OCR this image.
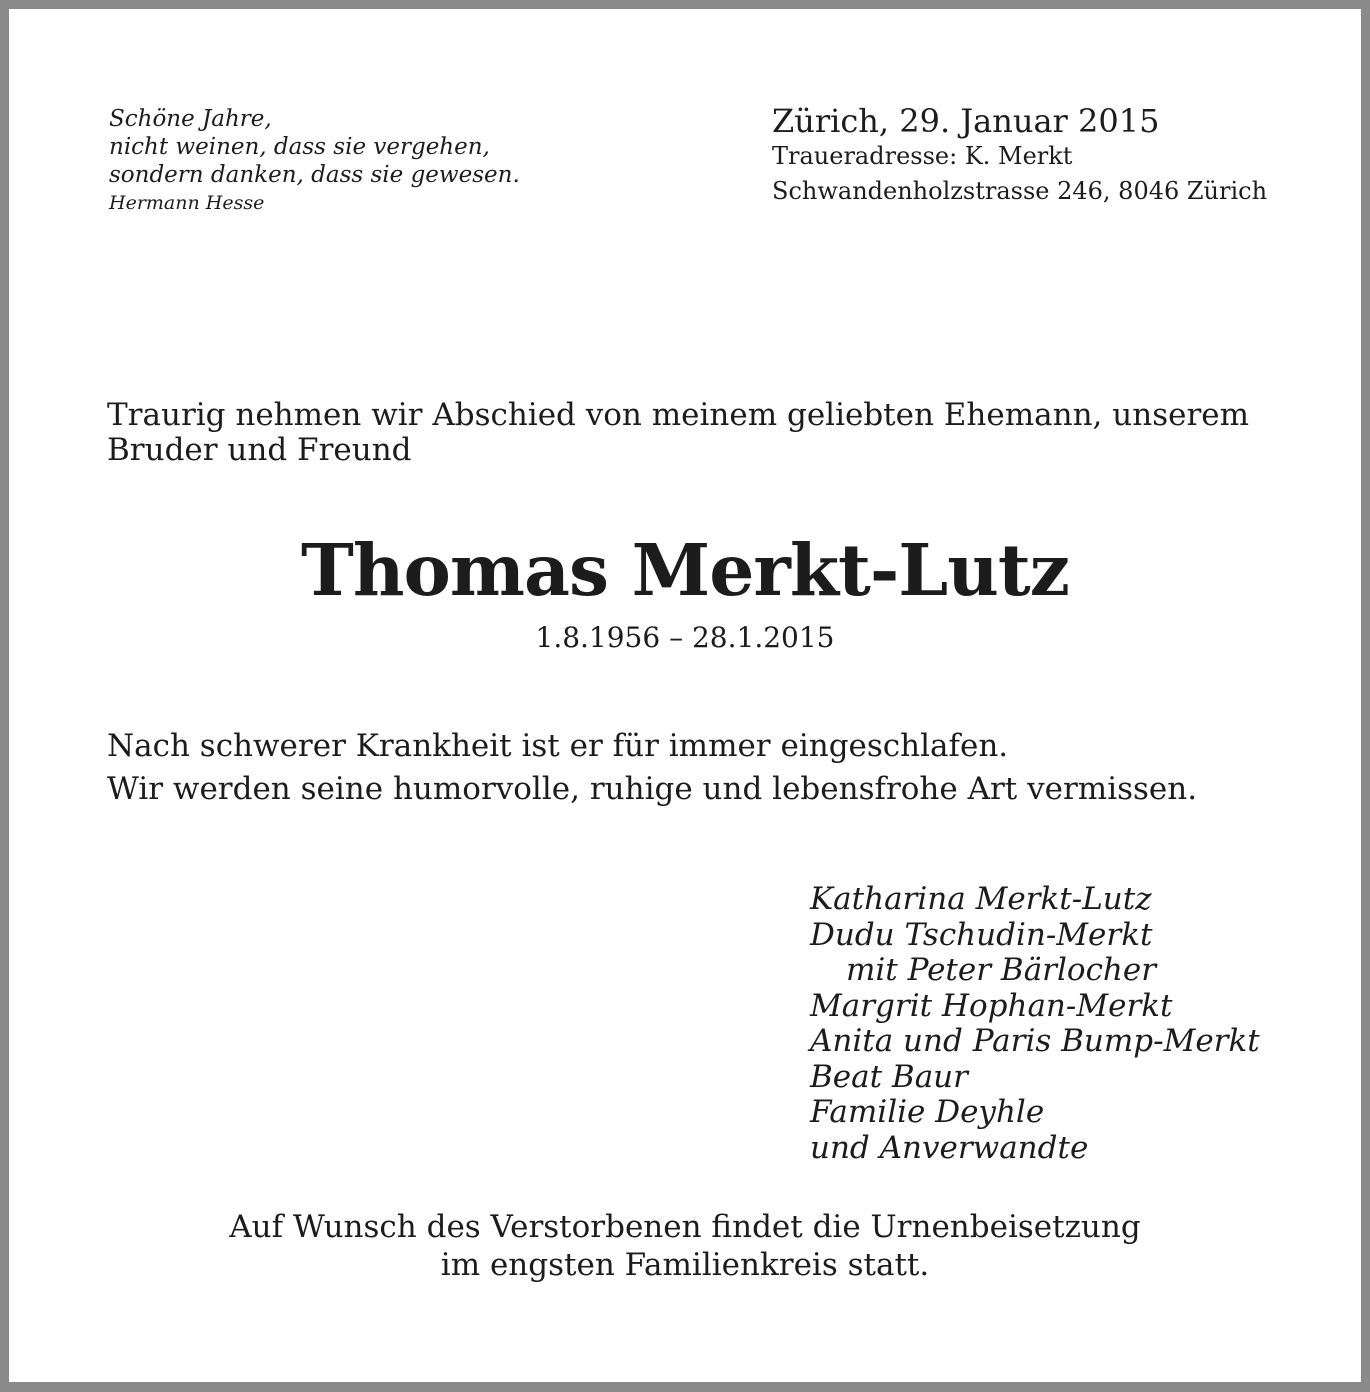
Schöne Jahre,
nicht weinen, dass sie vergehen,
sondern danken, dass sie gewesen.
Hermann Hesse
Zürich, 29. Januar 2015
Traueradresse: K. Merkt
Schwandenholzstrasse 246, 8046 Zürich
Traurig nehmen wir Abschied von meinem geliebten Ehemann, unserem
Bruder und Freund
Thomas Merkt-Lutz
1.8.1956 – 28.1.2015
Nach schwerer Krankheit ist er für immer eingeschlafen.
Wir werden seine humorvolle, ruhige und lebensfrohe Art vermissen.
Katharina Merkt-Lutz
Dudu Tschudin-Merkt
mit Peter Bärlocher
Margrit Hophan-Merkt
Anita und Paris Bump-Merkt
Beat Baur
Familie Deyhle
und Anverwandte
Auf Wunsch des Verstorbenen findet die Urnenbeisetzung
im engsten Familienkreis statt.
